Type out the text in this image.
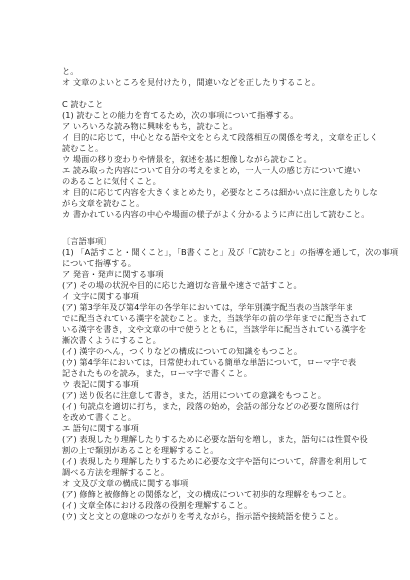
と。
オ 文章のよいところを見付けたり，間違いなどを正したりすること。
C 読むこと
(1) 読むことの能力を育てるため，次の事項について指導する。
ア いろいろな読み物に興味をもち，読むこと。
イ 目的に応じて，中心となる語や文をとらえて段落相互の関係を考え，文章を正しく
読むこと。
ウ 場面の移り変わりや情景を，叙述を基に想像しながら読むこと。
エ 読み取った内容について自分の考えをまとめ，一人一人の感じ方について違い
のあることに気付くこと。
オ 目的に応じて内容を大きくまとめたり，必要なところは細かい点に注意したりしな
がら文章を読むこと。
カ 書かれている内容の中心や場面の様子がよく分かるように声に出して読むこと。
〔言語事項〕
(1) 「A話すこと・聞くこと」，「B書くこと」及び「C読むこと」の指導を通して，次の事項
について指導する。
ア 発音・発声に関する事項
(ア) その場の状況や目的に応じた適切な音量や速さで話すこと。
イ 文字に関する事項
(ア) 第3学年及び第4学年の各学年においては，学年別漢字配当表の当該学年ま
でに配当されている漢字を読むこと。また，当該学年の前の学年までに配当されて
いる漢字を書き，文や文章の中で使うとともに，当該学年に配当されている漢字を
漸次書くようにすること。
(イ) 漢字のへん，つくりなどの構成についての知識をもつこと。
(ウ) 第4学年においては，日常使われている簡単な単語について，ローマ字で表
記されたものを読み，また，ローマ字で書くこと。
ウ 表記に関する事項
(ア) 送り仮名に注意して書き，また，活用についての意識をもつこと。
(イ) 句読点を適切に打ち，また，段落の始め，会話の部分などの必要な箇所は行
を改めて書くこと。
エ 語句に関する事項
(ア) 表現したり理解したりするために必要な語句を増し，また，語句には性質や役
割の上で類別があることを理解すること。
(イ) 表現したり理解したりするために必要な文字や語句について，辞書を利用して
調べる方法を理解すること。
オ 文及び文章の構成に関する事項
(ア) 修飾と被修飾との関係など，文の構成について初歩的な理解をもつこと。
(イ) 文章全体における段落の役割を理解すること。
(ウ) 文と文との意味のつながりを考えながら，指示語や接続語を使うこと。
